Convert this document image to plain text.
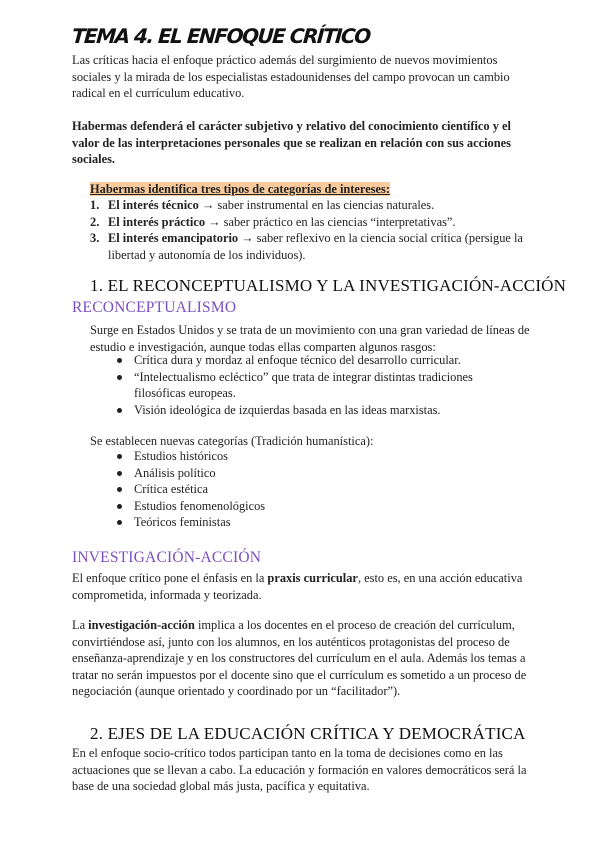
TEMA 4. EL ENFOQUE CRÍTICO

Las críticas hacia el enfoque práctico además del surgimiento de nuevos movimientos sociales y la mirada de los especialistas estadounidenses del campo provocan un cambio radical en el currículum educativo.

Habermas defenderá el carácter subjetivo y relativo del conocimiento científico y el valor de las interpretaciones personales que se realizan en relación con sus acciones sociales.

Habermas identifica tres tipos de categorías de intereses:

1. El interés técnico → saber instrumental en las ciencias naturales.
2. El interés práctico → saber práctico en las ciencias “interpretativas”.
3. El interés emancipatorio → saber reflexivo en la ciencia social crítica (persigue la libertad y autonomía de los individuos).
1. EL RECONCEPTUALISMO Y LA INVESTIGACIÓN-ACCIÓN
RECONCEPTUALISMO

Surge en Estados Unidos y se trata de un movimiento con una gran variedad de líneas de estudio e investigación, aunque todas ellas comparten algunos rasgos:

Crítica dura y mordaz al enfoque técnico del desarrollo curricular.
“Intelectualismo ecléctico” que trata de integrar distintas tradiciones filosóficas europeas.
Visión ideológica de izquierdas basada en las ideas marxistas.

Se establecen nuevas categorías (Tradición humanística):

Estudios históricos
Análisis político
Crítica estética
Estudios fenomenológicos
Teóricos feministas
INVESTIGACIÓN-ACCIÓN

El enfoque crítico pone el énfasis en la praxis curricular, esto es, en una acción educativa comprometida, informada y teorizada.

La investigación-acción implica a los docentes en el proceso de creación del currículum, convirtiéndose así, junto con los alumnos, en los auténticos protagonistas del proceso de enseñanza-aprendizaje y en los constructores del currículum en el aula. Además los temas a tratar no serán impuestos por el docente sino que el currículum es sometido a un proceso de negociación (aunque orientado y coordinado por un “facilitador”).

2. EJES DE LA EDUCACIÓN CRÍTICA Y DEMOCRÁTICA

En el enfoque socio-crítico todos participan tanto en la toma de decisiones como en las actuaciones que se llevan a cabo. La educación y formación en valores democráticos será la base de una sociedad global más justa, pacífica y equitativa.
